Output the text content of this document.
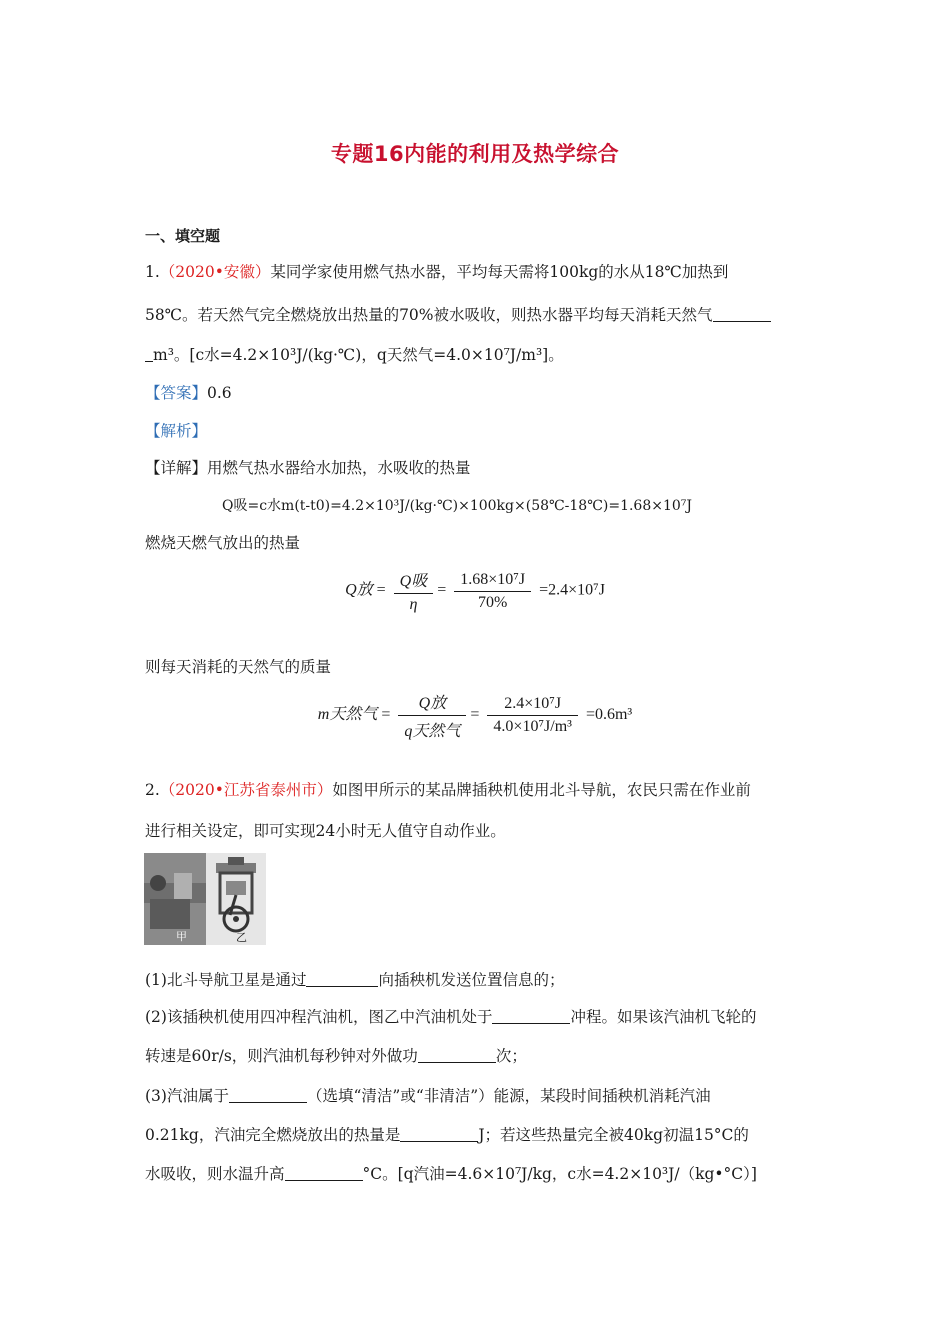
专题16内能的利用及热学综合
一、填空题
1.（2020•安徽）某同学家使用燃气热水器，平均每天需将100kg的水从18℃加热到
58℃。若天然气完全燃烧放出热量的70%被水吸收，则热水器平均每天消耗天然气
m³。[c水=4.2×10³J/(kg·℃)，q天然气=4.0×10⁷J/m³]。
【答案】0.6
【解析】
【详解】用燃气热水器给水加热，水吸收的热量
Q吸=c水m(t-t0)=4.2×10³J/(kg·℃)×100kg×(58℃-18℃)=1.68×10⁷J
燃烧天燃气放出的热量
Q放 = $\frac{\text{Q吸}}{\eta} = \frac{\text{1.68×10⁷J}}{70\%} =2.4\times 10^7J$
则每天消耗的天然气的质量
m天然气 = $\frac{\text{Q放}}{\text{q天然气}} = \frac{\text{2.4×10⁷J}}{\text{4.0×10⁷J/m³}} =0.6m^3$
2.（2020•江苏省泰州市）如图甲所示的某品牌插秧机使用北斗导航，农民只需在作业前
进行相关设定，即可实现24小时无人值守自动作业。
甲	乙
(1)北斗导航卫星是通过	向插秧机发送位置信息的；
(2)该插秧机使用四冲程汽油机，图乙中汽油机处于	冲程。如果该汽油机飞轮的
转速是60r/s，则汽油机每秒钟对外做功	次；
(3)汽油属于	（选填“清洁”或“非清洁”）能源，某段时间插秧机消耗汽油
0.21kg，汽油完全燃烧放出的热量是	J；若这些热量完全被40kg初温15°C的
水吸收，则水温升高	°C。[q汽油=4.6×10⁷J/kg，c水=4.2×10³J/（kg•°C）]
